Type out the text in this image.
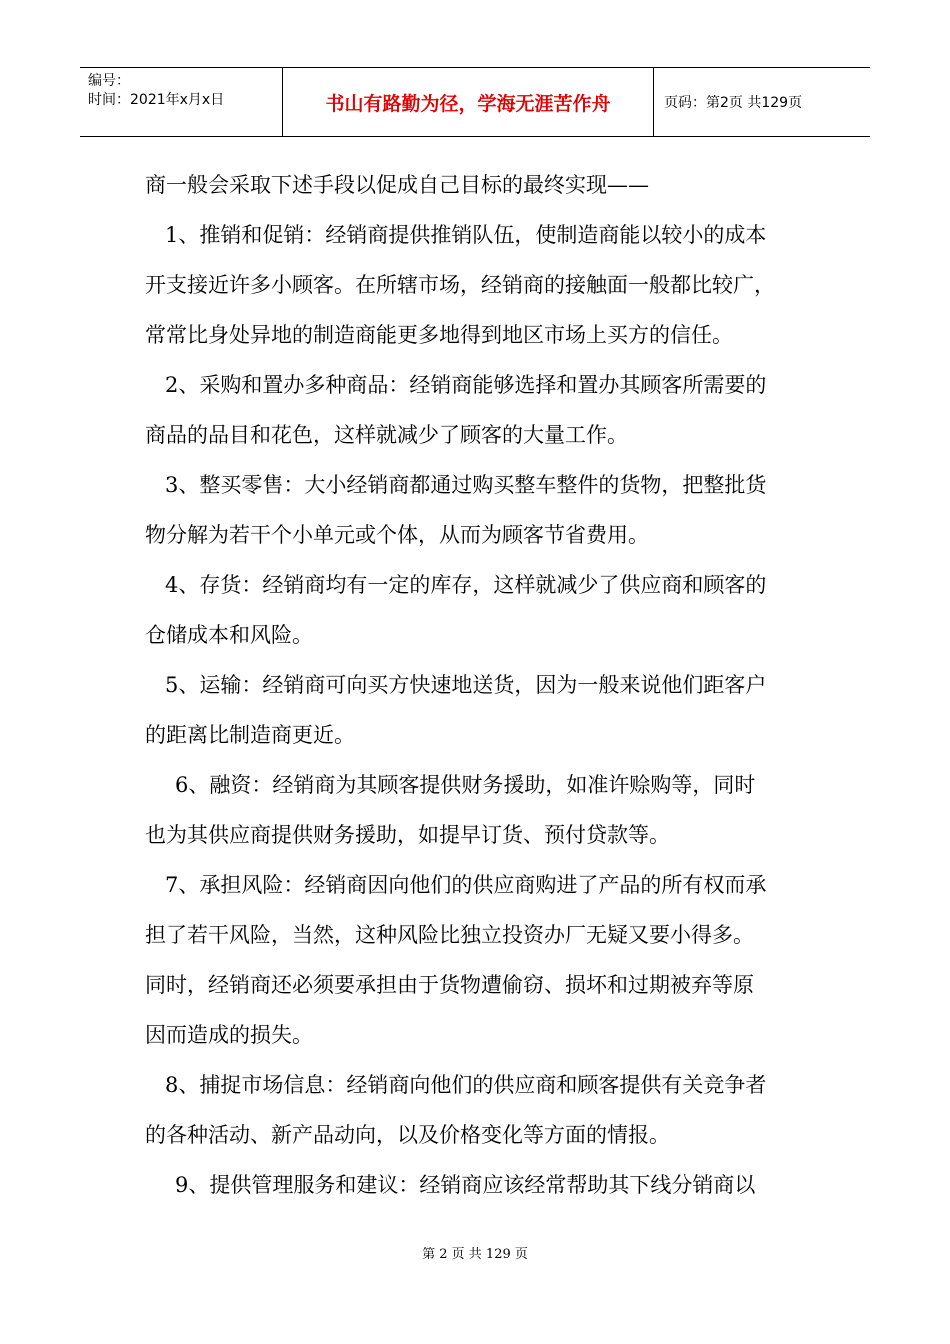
编号：
时间：2021年x月x日	书山有路勤为径，学海无涯苦作舟	页码：第2页 共129页
商一般会采取下述手段以促成自己目标的最终实现——
1、推销和促销：经销商提供推销队伍，使制造商能以较小的成本
开支接近许多小顾客。在所辖市场，经销商的接触面一般都比较广，
常常比身处异地的制造商能更多地得到地区市场上买方的信任。
2、采购和置办多种商品：经销商能够选择和置办其顾客所需要的
商品的品目和花色，这样就减少了顾客的大量工作。
3、整买零售：大小经销商都通过购买整车整件的货物，把整批货
物分解为若干个小单元或个体，从而为顾客节省费用。
4、存货：经销商均有一定的库存，这样就减少了供应商和顾客的
仓储成本和风险。
5、运输：经销商可向买方快速地送货，因为一般来说他们距客户
的距离比制造商更近。
6、融资：经销商为其顾客提供财务援助，如准许赊购等，同时
也为其供应商提供财务援助，如提早订货、预付贷款等。
7、承担风险：经销商因向他们的供应商购进了产品的所有权而承
担了若干风险，当然，这种风险比独立投资办厂无疑又要小得多。
同时，经销商还必须要承担由于货物遭偷窃、损坏和过期被弃等原
因而造成的损失。
8、捕捉市场信息：经销商向他们的供应商和顾客提供有关竞争者
的各种活动、新产品动向，以及价格变化等方面的情报。
9、提供管理服务和建议：经销商应该经常帮助其下线分销商以
第 2 页 共 129 页
